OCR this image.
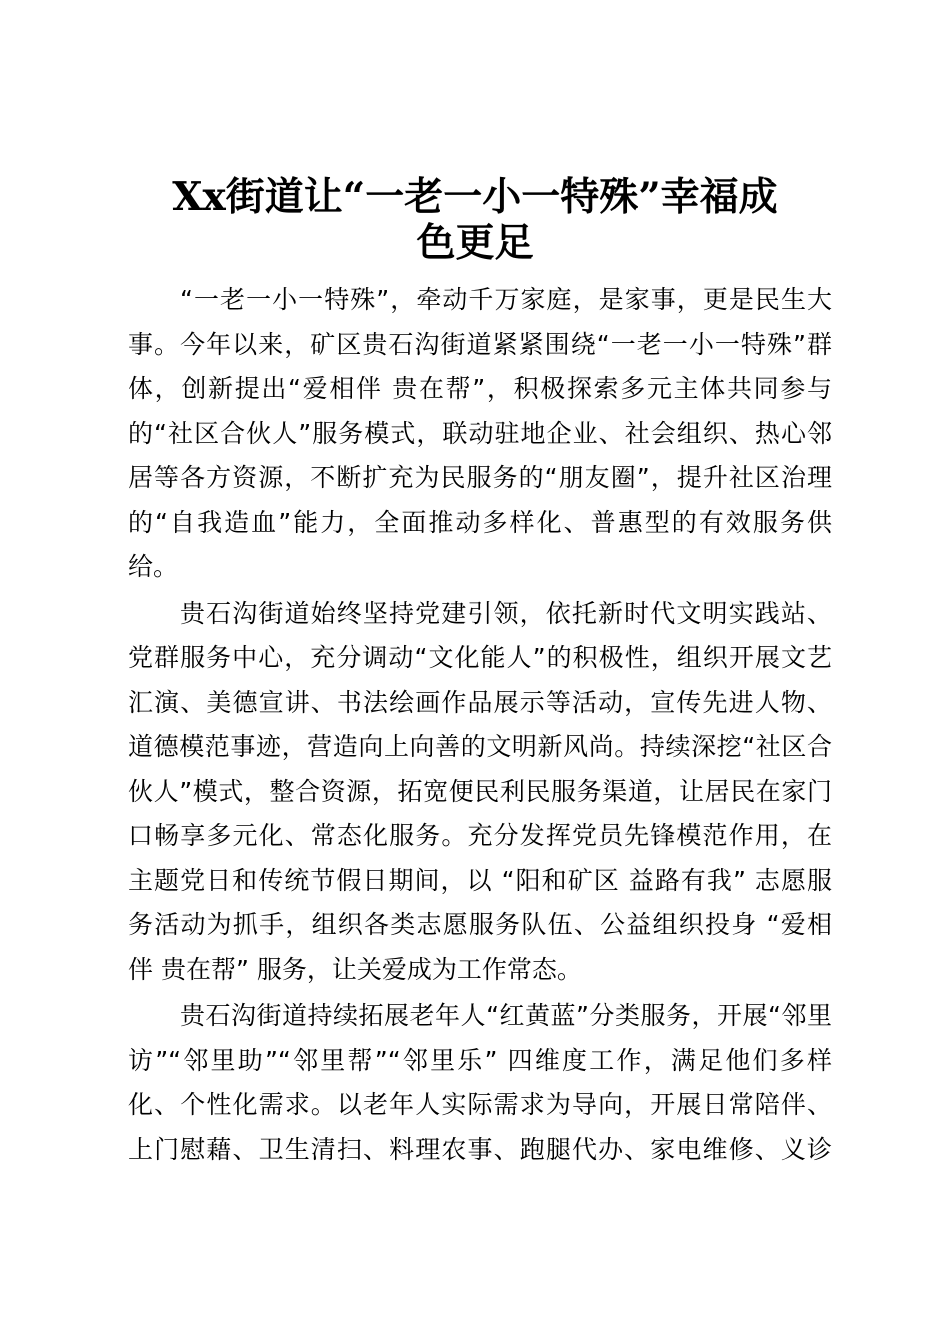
Xx街道让“一老一小一特殊”幸福成
色更足
“一老一小一特殊”，牵动千万家庭，是家事，更是民生大
事。今年以来，矿区贵石沟街道紧紧围绕“一老一小一特殊”群
体，创新提出“爱相伴 贵在帮”，积极探索多元主体共同参与
的“社区合伙人”服务模式，联动驻地企业、社会组织、热心邻
居等各方资源，不断扩充为民服务的“朋友圈”，提升社区治理
的“自我造血”能力，全面推动多样化、普惠型的有效服务供
给。
贵石沟街道始终坚持党建引领，依托新时代文明实践站、
党群服务中心，充分调动“文化能人”的积极性，组织开展文艺
汇演、美德宣讲、书法绘画作品展示等活动，宣传先进人物、
道德模范事迹，营造向上向善的文明新风尚。持续深挖“社区合
伙人”模式，整合资源，拓宽便民利民服务渠道，让居民在家门
口畅享多元化、常态化服务。充分发挥党员先锋模范作用，在
主题党日和传统节假日期间，以 “阳和矿区 益路有我” 志愿服
务活动为抓手，组织各类志愿服务队伍、公益组织投身 “爱相
伴 贵在帮” 服务，让关爱成为工作常态。
贵石沟街道持续拓展老年人“红黄蓝”分类服务，开展“邻里
访”“邻里助”“邻里帮”“邻里乐” 四维度工作，满足他们多样
化、个性化需求。以老年人实际需求为导向，开展日常陪伴、
上门慰藉、卫生清扫、料理农事、跑腿代办、家电维修、义诊
